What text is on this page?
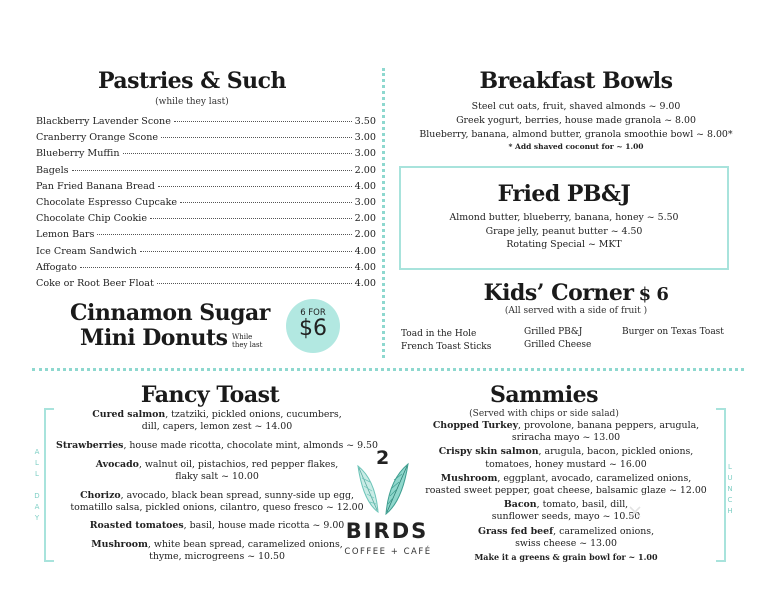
Pastries & Such
(while they last)
Blackberry Lavender Scone	3.50
Cranberry Orange Scone	3.00
Blueberry Muffin	3.00
Bagels	2.00
Pan Fried Banana Bread	4.00
Chocolate Espresso Cupcake	3.00
Chocolate Chip Cookie	2.00
Lemon Bars	2.00
Ice Cream Sandwich	4.00
Affogato	4.00
Coke or Root Beer Float	4.00
Cinnamon Sugar
Mini Donuts While
they last
6 FOR
$6
Breakfast Bowls
Steel cut oats, fruit, shaved almonds ~ 9.00
Greek yogurt, berries, house made granola ~ 8.00
Blueberry, banana, almond butter, granola smoothie bowl ~ 8.00*
* Add shaved coconut for ~ 1.00
Fried PB&J
Almond butter, blueberry, banana, honey ~ 5.50
Grape jelly, peanut butter ~ 4.50
Rotating Special ~ MKT
Kids’ Corner $ 6
(All served with a side of fruit )
Toad in the Hole
French Toast Sticks
Grilled PB&J
Grilled Cheese
Burger on Texas Toast
Fancy Toast
A
L
L
D
A
Y
Cured salmon, tzatziki, pickled onions, cucumbers,
dill, capers, lemon zest ~ 14.00
Strawberries, house made ricotta, chocolate mint, almonds ~ 9.50
Avocado, walnut oil, pistachios, red pepper flakes,
flaky salt ~ 10.00
Chorizo, avocado, black bean spread, sunny-side up egg,
tomatillo salsa, pickled onions, cilantro, queso fresco ~ 12.00
Roasted tomatoes, basil, house made ricotta ~ 9.00
Mushroom, white bean spread, caramelized onions,
thyme, microgreens ~ 10.50
Sammies
(Served with chips or side salad)
L
U
N
C
H
Chopped Turkey, provolone, banana peppers, arugula,
sriracha mayo ~ 13.00
Crispy skin salmon, arugula, bacon, pickled onions,
tomatoes, honey mustard ~ 16.00
Mushroom, eggplant, avocado, caramelized onions,
roasted sweet pepper, goat cheese, balsamic glaze ~ 12.00
Bacon, tomato, basil, dill,
sunflower seeds, mayo ~ 10.50
Grass fed beef, caramelized onions,
swiss cheese ~ 13.00
Make it a greens & grain bowl for ~ 1.00
2
BIRDS
COFFEE + CAFÉ
